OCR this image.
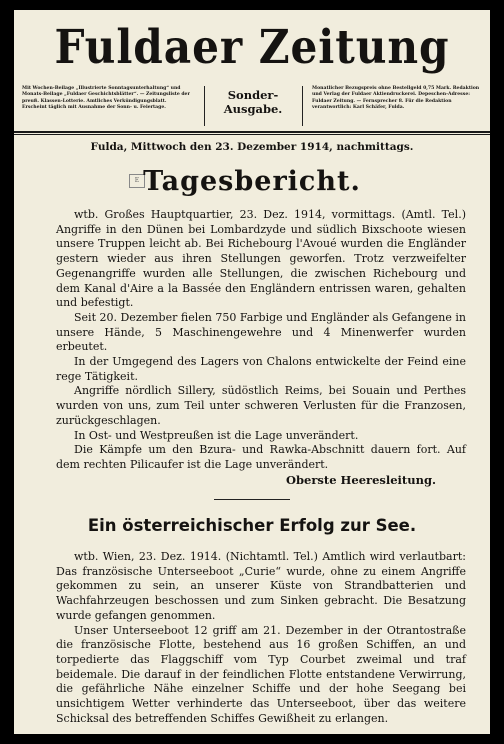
Fuldaer Zeitung
Mit Wochen-Beilage „Illustrierte Sonntagsunterhaltung“ und Monats-Beilage „Fuldaer Geschichtsblätter“. — Zeitungsliste der preuß. Klassen-Lotterie. Amtliches Verkündigungsblatt. Erscheint täglich mit Ausnahme der Sonn- u. Feiertage.
Sonder-
Ausgabe.
Monatlicher Bezugspreis ohne Bestellgeld 0,75 Mark. Redaktion und Verlag der Fuldaer Aktiendruckerei. Depeschen-Adresse: Fuldaer Zeitung. — Fernsprecher 8. Für die Redaktion verantwortlich: Karl Schäfer, Fulda.
Fulda, Mittwoch den 23. Dezember 1914, nachmittags.
E Tagesbericht.

wtb. Großes Hauptquartier, 23. Dez. 1914, vormittags. (Amtl. Tel.) Angriffe in den Dünen bei Lombardzyde und südlich Bixschoote wiesen unsere Truppen leicht ab. Bei Richebourg l'Avoué wurden die Engländer gestern wieder aus ihren Stellungen geworfen. Trotz verzweifelter Gegenangriffe wurden alle Stellungen, die zwischen Richebourg und dem Kanal d'Aire a la Bassée den Engländern entrissen waren, gehalten und befestigt.

Seit 20. Dezember fielen 750 Farbige und Engländer als Gefangene in unsere Hände, 5 Maschinengewehre und 4 Minenwerfer wurden erbeutet.

In der Umgegend des Lagers von Chalons entwickelte der Feind eine rege Tätigkeit.

Angriffe nördlich Sillery, südöstlich Reims, bei Souain und Perthes wurden von uns, zum Teil unter schweren Verlusten für die Franzosen, zurückgeschlagen.

In Ost- und Westpreußen ist die Lage unverändert.

Die Kämpfe um den Bzura- und Rawka-Abschnitt dauern fort. Auf dem rechten Pilicaufer ist die Lage unverändert.

Oberste Heeresleitung.
Ein österreichischer Erfolg zur See.

wtb. Wien, 23. Dez. 1914. (Nichtamtl. Tel.) Amtlich wird verlautbart: Das französische Unterseeboot „Curie“ wurde, ohne zu einem Angriffe gekommen zu sein, an unserer Küste von Strandbatterien und Wachfahrzeugen beschossen und zum Sinken gebracht. Die Besatzung wurde gefangen genommen.

Unser Unterseeboot 12 griff am 21. Dezember in der Otrantostraße die französische Flotte, bestehend aus 16 großen Schiffen, an und torpedierte das Flaggschiff vom Typ Courbet zweimal und traf beidemale. Die darauf in der feindlichen Flotte entstandene Verwirrung, die gefährliche Nähe einzelner Schiffe und der hohe Seegang bei unsichtigem Wetter verhinderte das Unterseeboot, über das weitere Schicksal des betreffenden Schiffes Gewißheit zu erlangen.
